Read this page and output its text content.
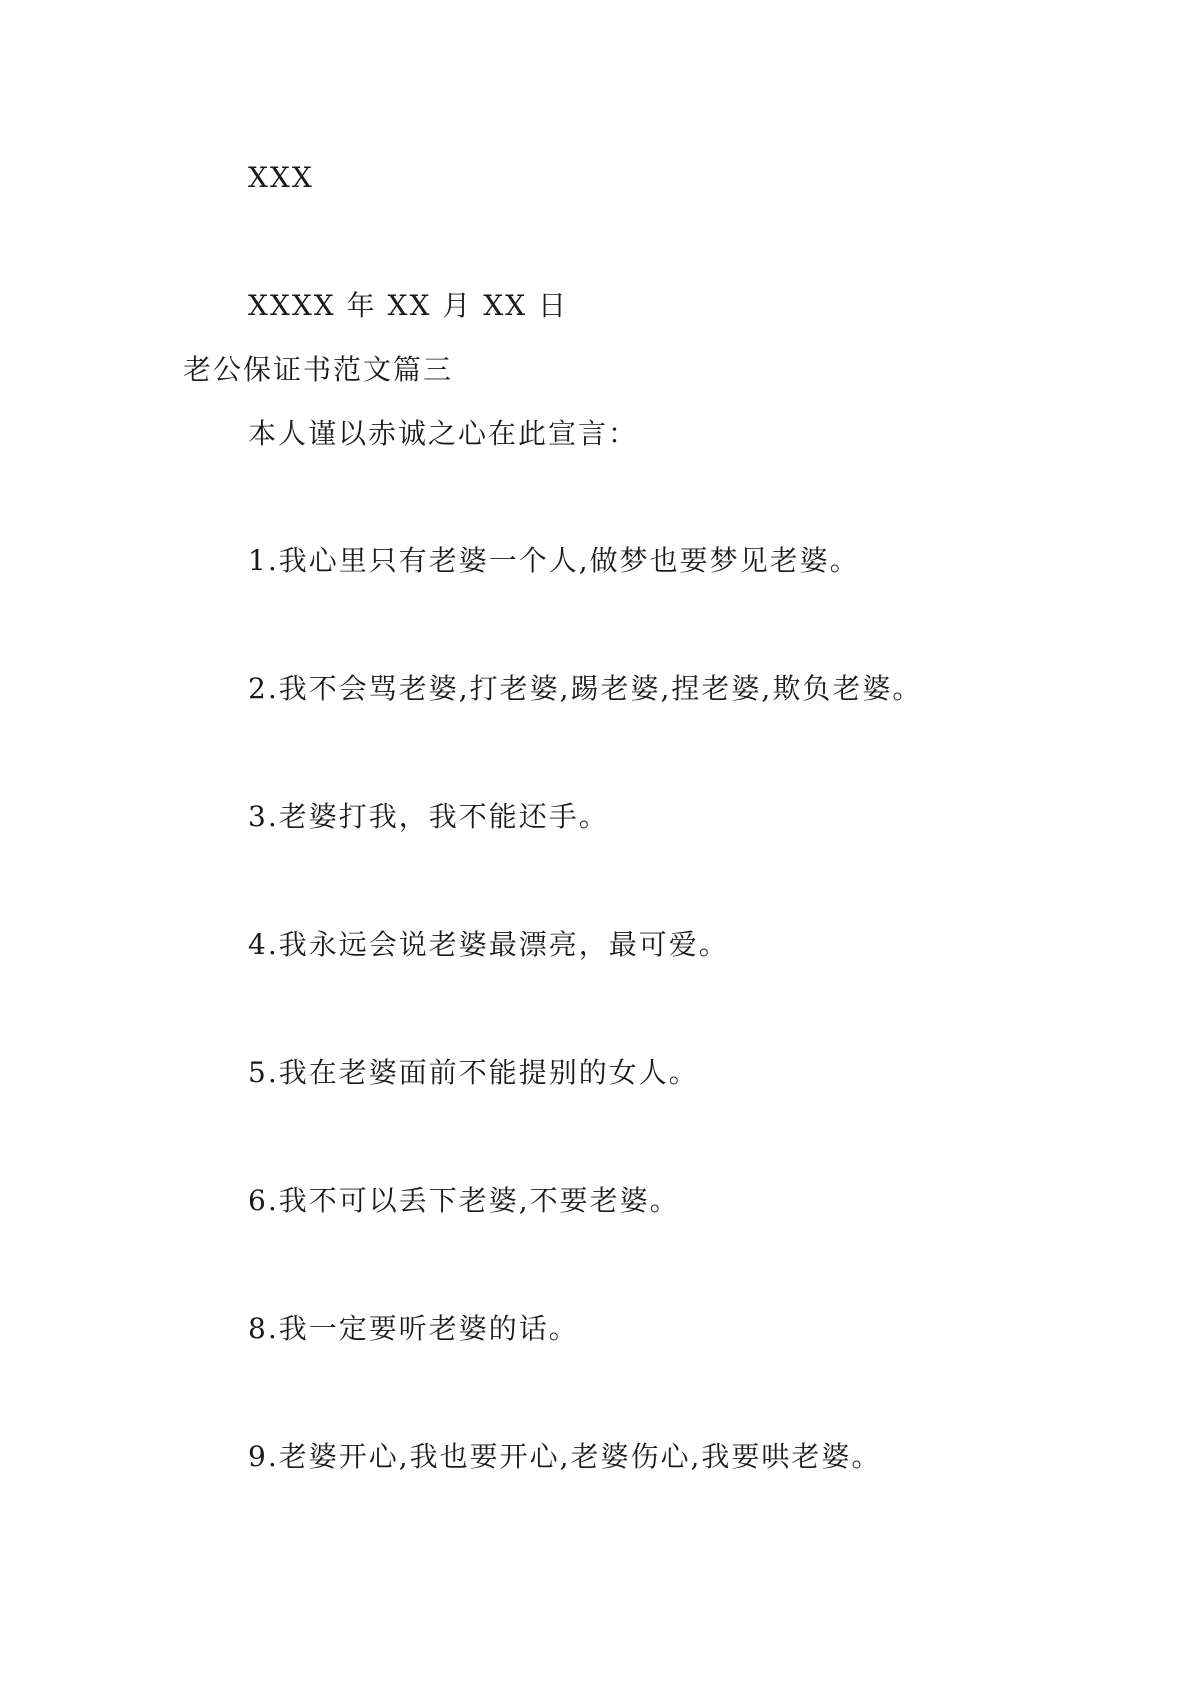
XXX
XXXX 年 XX 月 XX 日
老公保证书范文篇三
本人谨以赤诚之心在此宣言：
1.我心里只有老婆一个人,做梦也要梦见老婆。
2.我不会骂老婆,打老婆,踢老婆,捏老婆,欺负老婆。
3.老婆打我，我不能还手。
4.我永远会说老婆最漂亮，最可爱。
5.我在老婆面前不能提别的女人。
6.我不可以丢下老婆,不要老婆。
8.我一定要听老婆的话。
9.老婆开心,我也要开心,老婆伤心,我要哄老婆。
